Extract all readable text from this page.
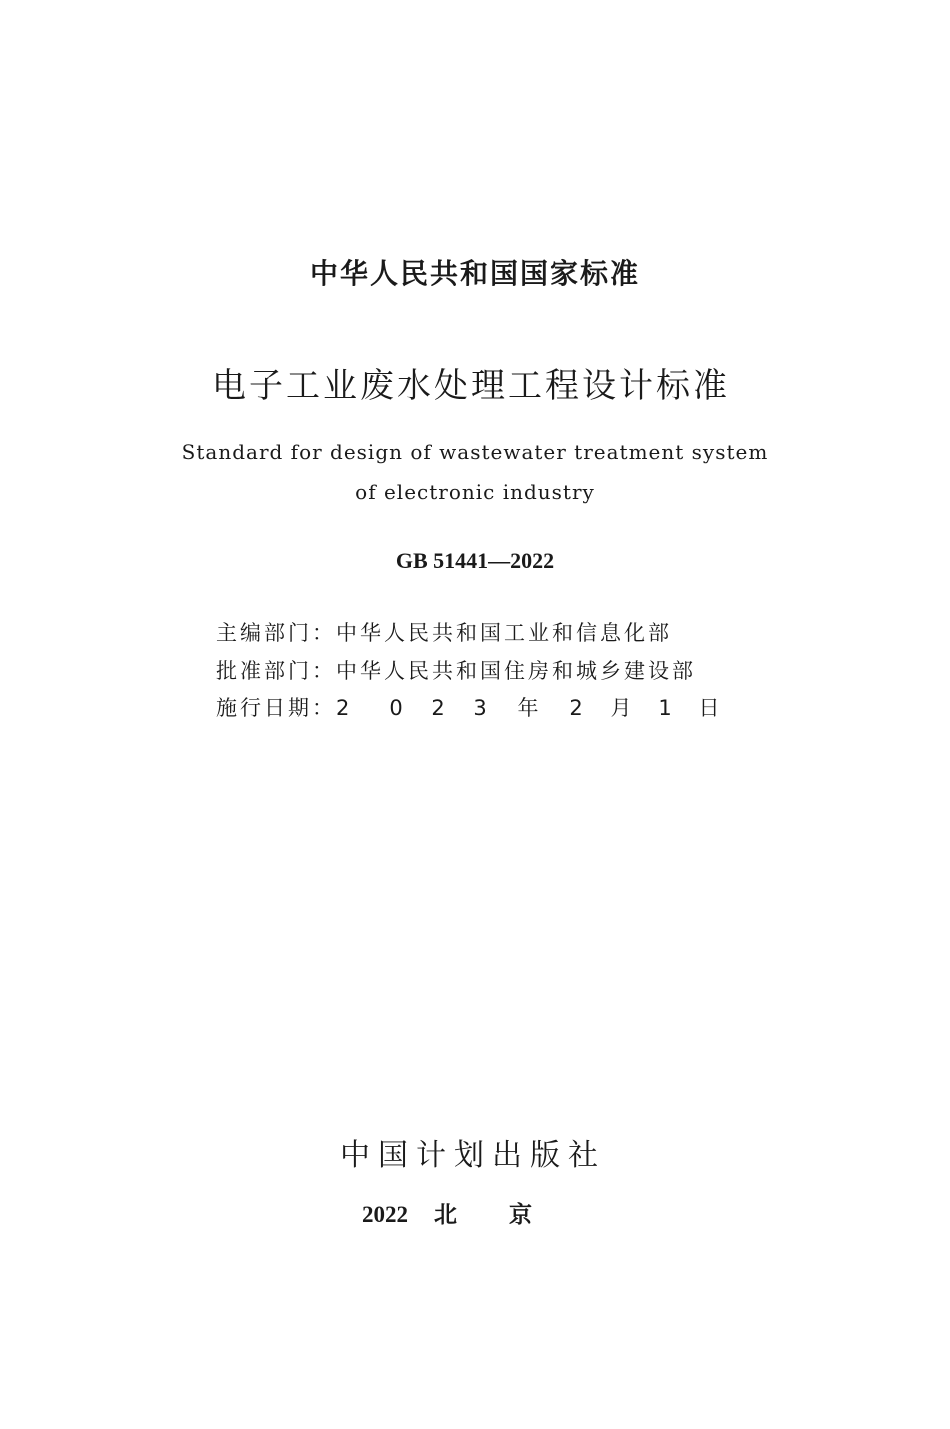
中华人民共和国国家标准
电子工业废水处理工程设计标准
Standard for design of wastewater treatment system
of electronic industry
GB 51441—2022
主编部门：中华人民共和国工业和信息化部
批准部门：中华人民共和国住房和城乡建设部
施行日期：2 0 2 3 年 2 月 1 日
中国计划出版社
2022 北京
